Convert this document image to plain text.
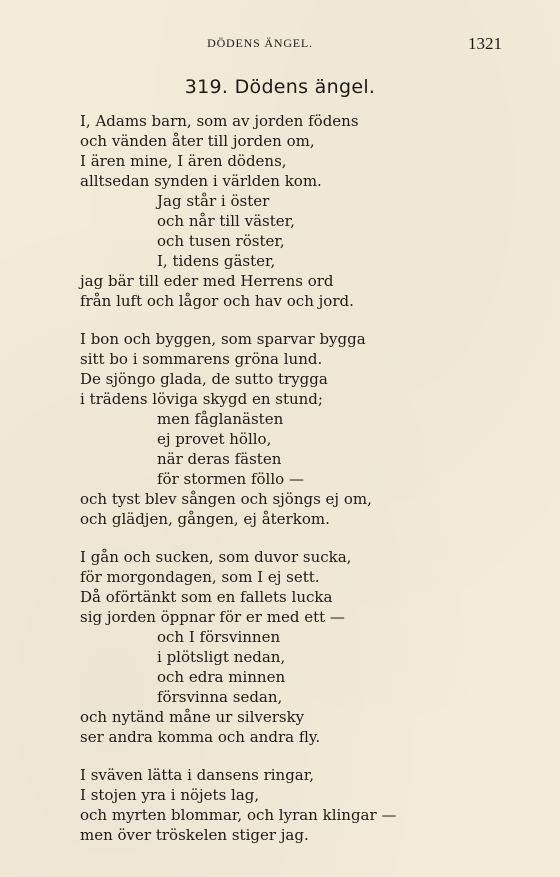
DÖDENS ÄNGEL.	1321
319. Dödens ängel.
I, Adams barn, som av jorden födens
och vänden åter till jorden om,
I ären mine, I ären dödens,
alltsedan synden i världen kom.
Jag står i öster
och når till väster,
och tusen röster,
I, tidens gäster,
jag bär till eder med Herrens ord
från luft och lågor och hav och jord.
I bon och byggen, som sparvar bygga
sitt bo i sommarens gröna lund.
De sjöngo glada, de sutto trygga
i trädens löviga skygd en stund;
men fåglanästen
ej provet höllo,
när deras fästen
för stormen föllo —
och tyst blev sången och sjöngs ej om,
och glädjen, gången, ej återkom.
I gån och sucken, som duvor sucka,
för morgondagen, som I ej sett.
Då oförtänkt som en fallets lucka
sig jorden öppnar för er med ett —
och I försvinnen
i plötsligt nedan,
och edra minnen
försvinna sedan,
och nytänd måne ur silversky
ser andra komma och andra fly.
I sväven lätta i dansens ringar,
I stojen yra i nöjets lag,
och myrten blommar, och lyran klingar —
men över tröskelen stiger jag.
